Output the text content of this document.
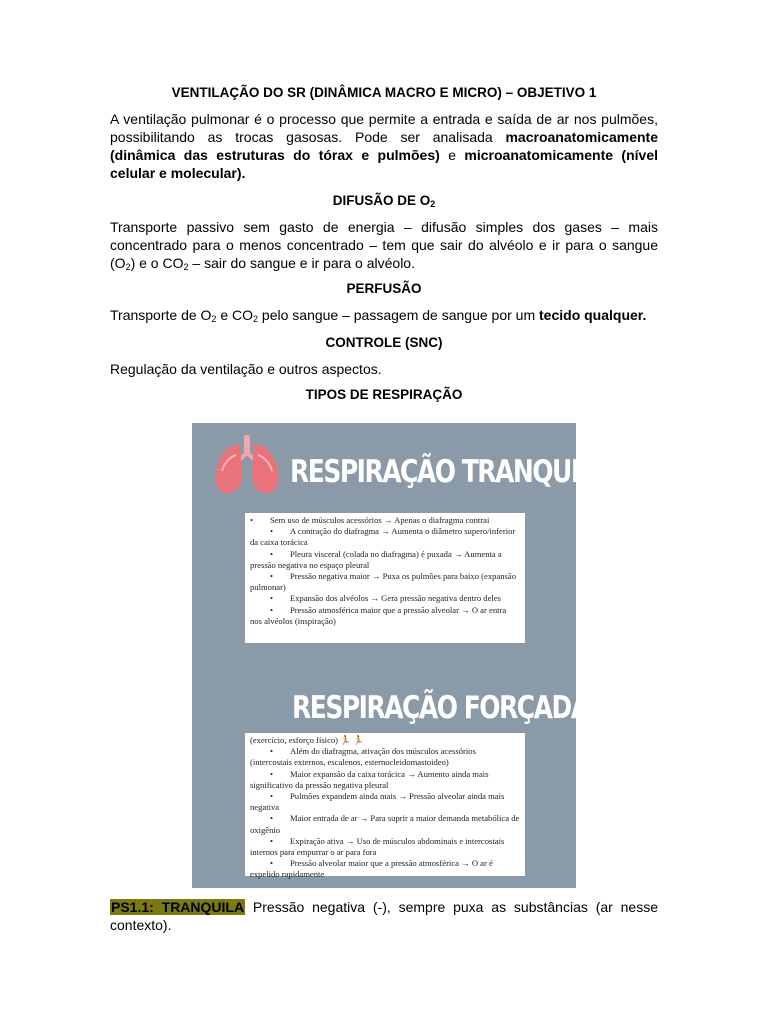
VENTILAÇÃO DO SR (DINÂMICA MACRO E MICRO) – OBJETIVO 1

A ventilação pulmonar é o processo que permite a entrada e saída de ar nos pulmões, possibilitando as trocas gasosas. Pode ser analisada macroanatomicamente (dinâmica das estruturas do tórax e pulmões) e microanatomicamente (nível celular e molecular).

DIFUSÃO DE $O_2$

Transporte passivo sem gasto de energia – difusão simples dos gases – mais concentrado para o menos concentrado – tem que sair do alvéolo e ir para o sangue $(O_2)$ e o $CO_2$ – sair do sangue e ir para o alvéolo.

PERFUSÃO

Transporte de $O_2$ e $CO_2$ pelo sangue – passagem de sangue por um tecido qualquer.

CONTROLE (SNC)

Regulação da ventilação e outros aspectos.

TIPOS DE RESPIRAÇÃO

RESPIRAÇÃO TRANQUILA
• Sem uso de músculos acessórios → Apenas o diafragma contrai
• A contração do diafragma → Aumenta o diâmetro supero/inferior da caixa torácica
• Pleura visceral (colada no diafragma) é puxada → Aumenta a pressão negativa no espaço pleural
• Pressão negativa maior → Puxa os pulmões para baixo (expansão pulmonar)
• Expansão dos alvéolos → Gera pressão negativa dentro deles
• Pressão atmosférica maior que a pressão alveolar → O ar entra nos alvéolos (inspiração)
RESPIRAÇÃO FORÇADA
(exercício, esforço físico) 🏃 🏃
• Além do diafragma, ativação dos músculos acessórios (intercostais externos, escalenos, esternocleidomastoideo)
• Maior expansão da caixa torácica → Aumento ainda mais significativo da pressão negativa pleural
• Pulmões expandem ainda mais → Pressão alveolar ainda mais negativa
• Maior entrada de ar → Para suprir a maior demanda metabólica de oxigênio
• Expiração ativa → Uso de músculos abdominais e intercostais internos para empurrar o ar para fora
• Pressão alveolar maior que a pressão atmosférica → O ar é expelido rapidamente
PS1.1: TRANQUILA Pressão negativa (-), sempre puxa as substâncias (ar nesse contexto).
